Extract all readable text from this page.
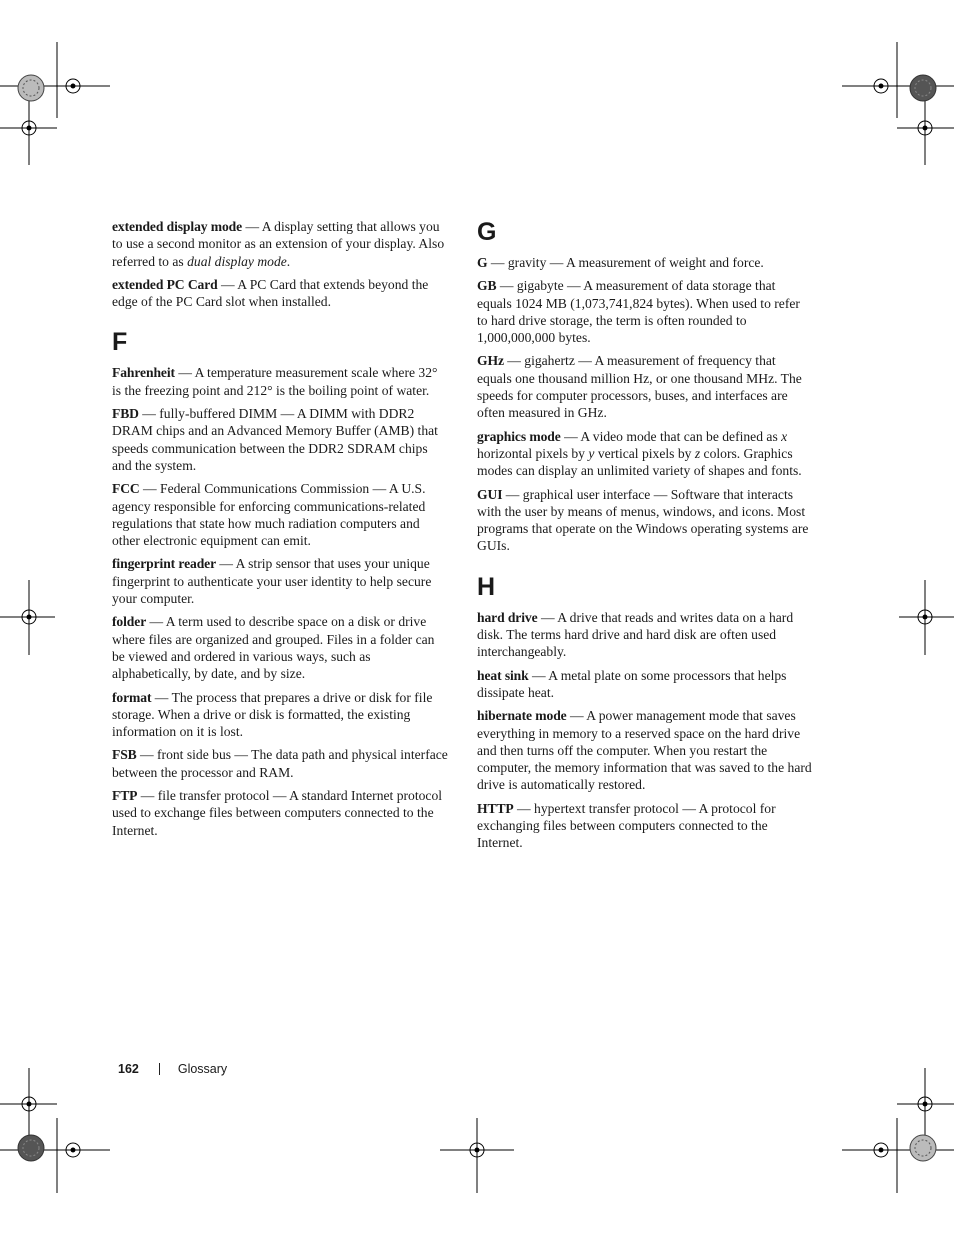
extended display mode — A display setting that allows you to use a second monitor as an extension of your display. Also referred to as dual display mode.

extended PC Card — A PC Card that extends beyond the edge of the PC Card slot when installed.

F

Fahrenheit — A temperature measurement scale where 32° is the freezing point and 212° is the boiling point of water.

FBD — fully-buffered DIMM — A DIMM with DDR2 DRAM chips and an Advanced Memory Buffer (AMB) that speeds communication between the DDR2 SDRAM chips and the system.

FCC — Federal Communications Commission — A U.S. agency responsible for enforcing communications-related regulations that state how much radiation computers and other electronic equipment can emit.

fingerprint reader — A strip sensor that uses your unique fingerprint to authenticate your user identity to help secure your computer.

folder — A term used to describe space on a disk or drive where files are organized and grouped. Files in a folder can be viewed and ordered in various ways, such as alphabetically, by date, and by size.

format — The process that prepares a drive or disk for file storage. When a drive or disk is formatted, the existing information on it is lost.

FSB — front side bus — The data path and physical interface between the processor and RAM.

FTP — file transfer protocol — A standard Internet protocol used to exchange files between computers connected to the Internet.

G

G — gravity — A measurement of weight and force.

GB — gigabyte — A measurement of data storage that equals 1024 MB (1,073,741,824 bytes). When used to refer to hard drive storage, the term is often rounded to 1,000,000,000 bytes.

GHz — gigahertz — A measurement of frequency that equals one thousand million Hz, or one thousand MHz. The speeds for computer processors, buses, and interfaces are often measured in GHz.

graphics mode — A video mode that can be defined as x horizontal pixels by y vertical pixels by z colors. Graphics modes can display an unlimited variety of shapes and fonts.

GUI — graphical user interface — Software that interacts with the user by means of menus, windows, and icons. Most programs that operate on the Windows operating systems are GUIs.

H

hard drive — A drive that reads and writes data on a hard disk. The terms hard drive and hard disk are often used interchangeably.

heat sink — A metal plate on some processors that helps dissipate heat.

hibernate mode — A power management mode that saves everything in memory to a reserved space on the hard drive and then turns off the computer. When you restart the computer, the memory information that was saved to the hard drive is automatically restored.

HTTP — hypertext transfer protocol — A protocol for exchanging files between computers connected to the Internet.

162	Glossary
